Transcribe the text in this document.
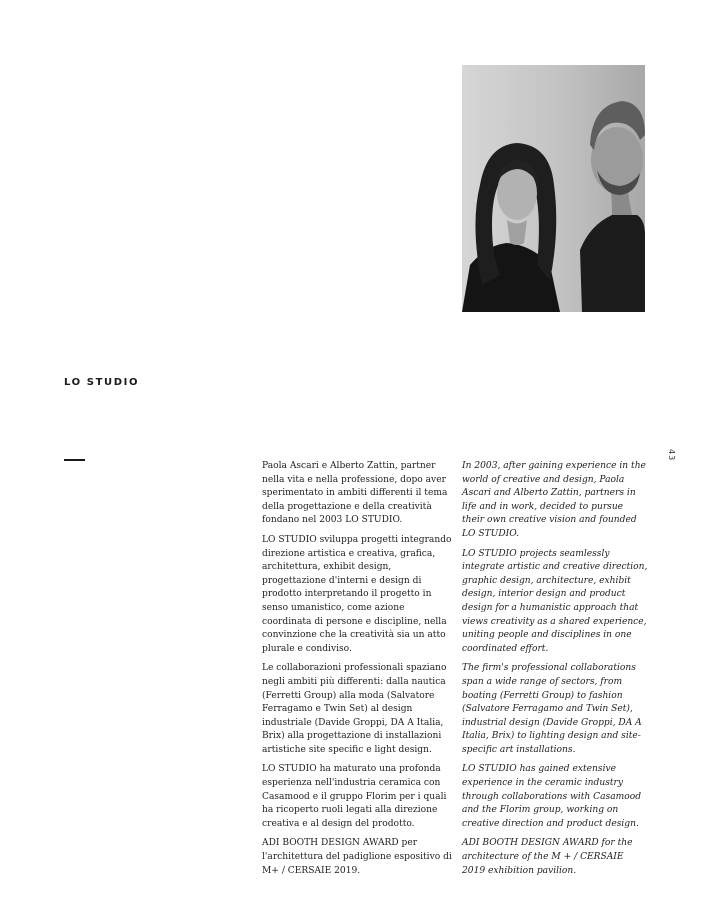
LO STUDIO
43

Paola Ascari e Alberto Zattin, partner nella vita e nella professione, dopo aver sperimentato in ambiti differenti il tema della progettazione e della creatività fondano nel 2003 LO STUDIO.

LO STUDIO sviluppa progetti integrando direzione artistica e creativa, grafica, architettura, exhibit design, progettazione d'interni e design di prodotto interpretando il progetto in senso umanistico, come azione coordinata di persone e discipline, nella convinzione che la creatività sia un atto plurale e condiviso.

Le collaborazioni professionali spaziano negli ambiti più differenti: dalla nautica (Ferretti Group) alla moda (Salvatore Ferragamo e Twin Set) al design industriale (Davide Groppi, DA A Italia, Brix) alla progettazione di installazioni artistiche site specific e light design.

LO STUDIO ha maturato una profonda esperienza nell'industria ceramica con Casamood e il gruppo Florim per i quali ha ricoperto ruoli legati alla direzione creativa e al design del prodotto.

ADI BOOTH DESIGN AWARD per l'architettura del padiglione espositivo di M+ / CERSAIE 2019.

In 2003, after gaining experience in the world of creative and design, Paola Ascari and Alberto Zattin, partners in life and in work, decided to pursue their own creative vision and founded LO STUDIO.

LO STUDIO projects seamlessly integrate artistic and creative direction, graphic design, architecture, exhibit design, interior design and product design for a humanistic approach that views creativity as a shared experience, uniting people and disciplines in one coordinated effort.

The firm's professional collaborations span a wide range of sectors, from boating (Ferretti Group) to fashion (Salvatore Ferragamo and Twin Set), industrial design (Davide Groppi, DA A Italia, Brix) to lighting design and site-specific art installations.

LO STUDIO has gained extensive experience in the ceramic industry through collaborations with Casamood and the Florim group, working on creative direction and product design.

ADI BOOTH DESIGN AWARD for the architecture of the M + / CERSAIE 2019 exhibition pavilion.
